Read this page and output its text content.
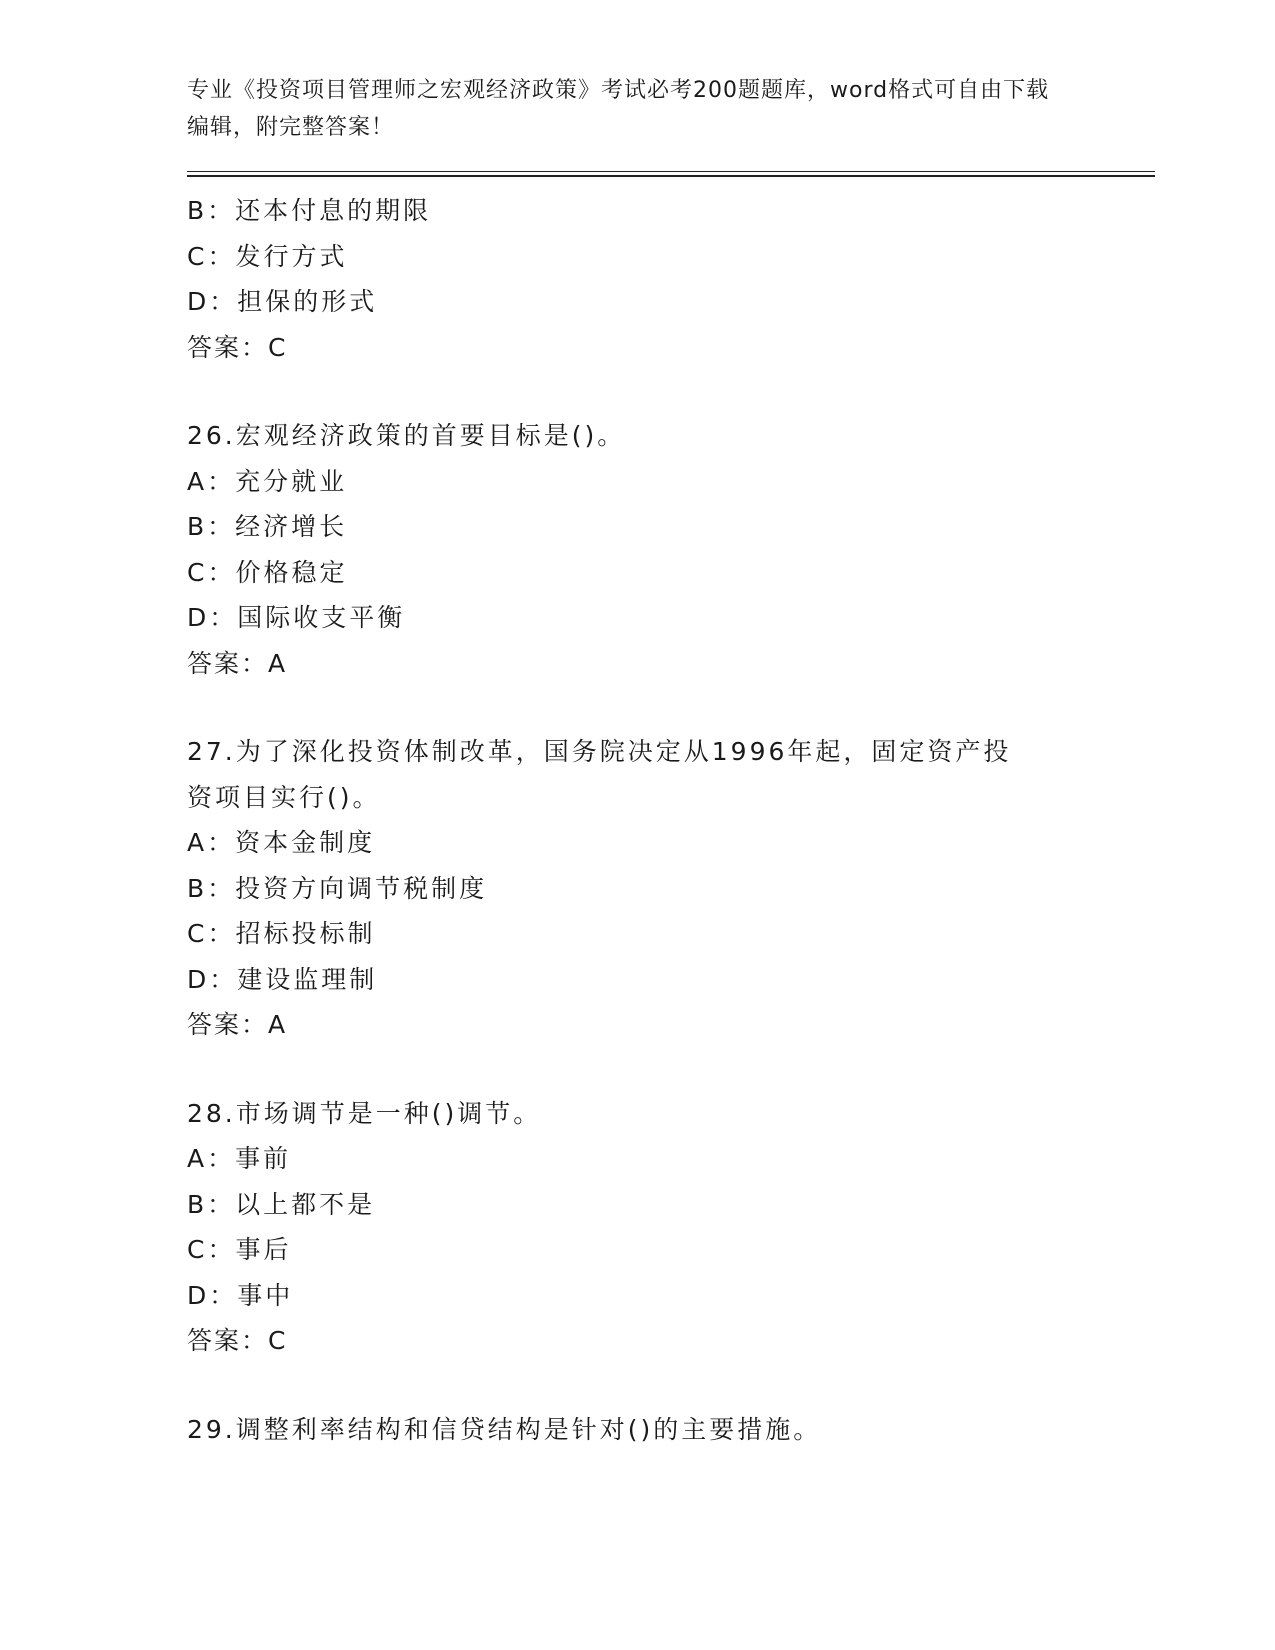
专业《投资项目管理师之宏观经济政策》考试必考200题题库，word格式可自由下载编辑，附完整答案！
B：还本付息的期限
C：发行方式
D：担保的形式
答案：C
26.宏观经济政策的首要目标是()。
A：充分就业
B：经济增长
C：价格稳定
D：国际收支平衡
答案：A
27.为了深化投资体制改革，国务院决定从1996年起，固定资产投资项目实行()。
A：资本金制度
B：投资方向调节税制度
C：招标投标制
D：建设监理制
答案：A
28.市场调节是一种()调节。
A：事前
B：以上都不是
C：事后
D：事中
答案：C
29.调整利率结构和信贷结构是针对()的主要措施。
